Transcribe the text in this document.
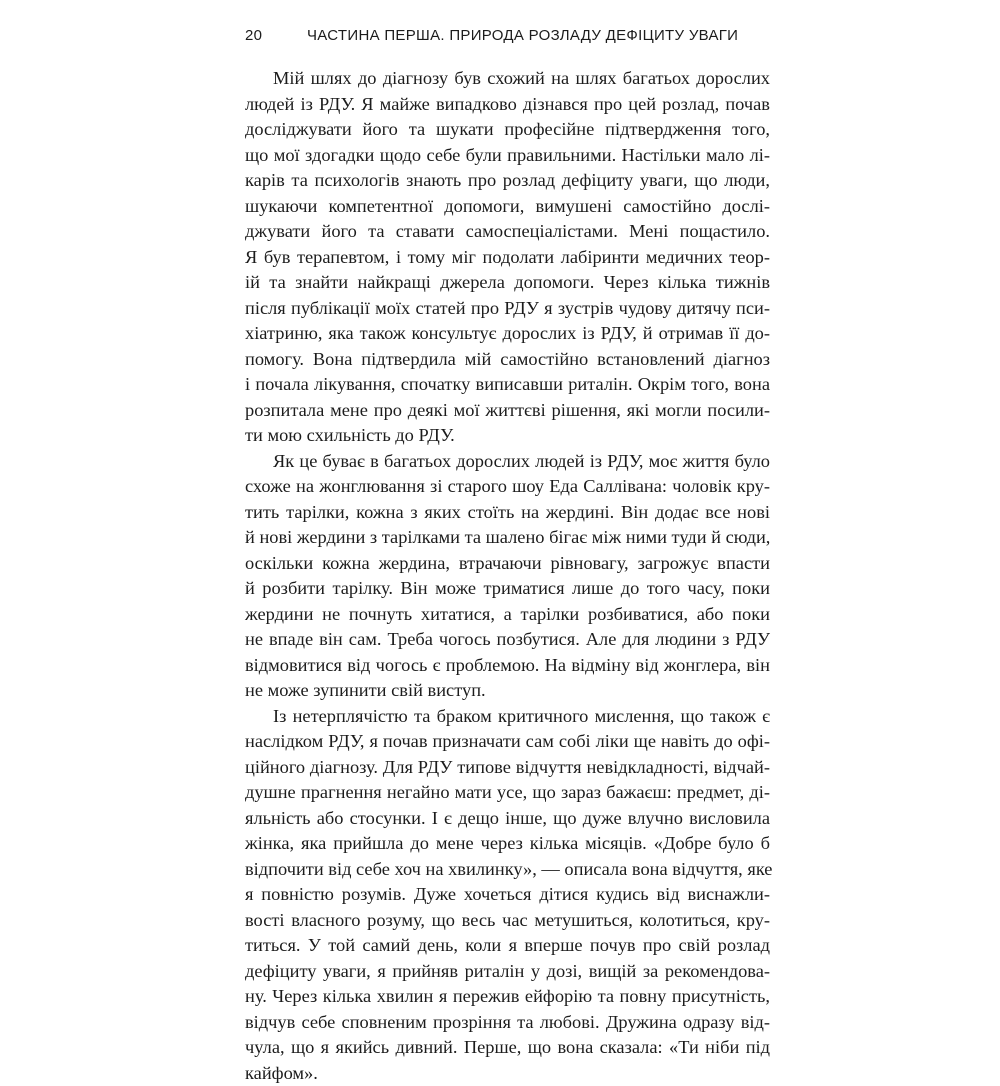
20	ЧАСТИНА ПЕРША. ПРИРОДА РОЗЛАДУ ДЕФІЦИТУ УВАГИ
Мій шлях до діагнозу був схожий на шлях багатьох дорослих
людей із РДУ. Я майже випадково дізнався про цей розлад, почав
досліджувати його та шукати професійне підтвердження того,
що мої здогадки щодо себе були правильними. Настільки мало лі-
карів та психологів знають про розлад дефіциту уваги, що люди,
шукаючи компетентної допомоги, вимушені самостійно дослі-
джувати його та ставати самоспеціалістами. Мені пощастило.
Я був терапевтом, і тому міг подолати лабіринти медичних теор-
ій та знайти найкращі джерела допомоги. Через кілька тижнів
після публікації моїх статей про РДУ я зустрів чудову дитячу пси-
хіатриню, яка також консультує дорослих із РДУ, й отримав її до-
помогу. Вона підтвердила мій самостійно встановлений діагноз
і почала лікування, спочатку виписавши риталін. Окрім того, вона
розпитала мене про деякі мої життєві рішення, які могли посили-
ти мою схильність до РДУ.
Як це буває в багатьох дорослих людей із РДУ, моє життя було
схоже на жонглювання зі старого шоу Еда Салліванa: чоловік кру-
тить тарілки, кожна з яких стоїть на жердині. Він додає все нові
й нові жердини з тарілками та шалено бігає між ними туди й сюди,
оскільки кожна жердина, втрачаючи рівновагу, загрожує впасти
й розбити тарілку. Він може триматися лише до того часу, поки
жердини не почнуть хитатися, а тарілки розбиватися, або поки
не впаде він сам. Треба чогось позбутися. Але для людини з РДУ
відмовитися від чогось є проблемою. На відміну від жонглера, він
не може зупинити свій виступ.
Із нетерплячістю та браком критичного мислення, що також є
наслідком РДУ, я почав призначати сам собі ліки ще навіть до офі-
ційного діагнозу. Для РДУ типове відчуття невідкладності, відчай-
душне прагнення негайно мати усе, що зараз бажаєш: предмет, ді-
яльність або стосунки. І є дещо інше, що дуже влучно висловила
жінка, яка прийшла до мене через кілька місяців. «Добре було б
відпочити від себе хоч на хвилинку», — описала вона відчуття, яке
я повністю розумів. Дуже хочеться дітися кудись від виснажли-
вості власного розуму, що весь час метушиться, колотиться, кру-
титься. У той самий день, коли я вперше почув про свій розлад
дефіциту уваги, я прийняв риталін у дозі, вищій за рекомендова-
ну. Через кілька хвилин я пережив ейфорію та повну присутність,
відчув себе сповненим прозріння та любові. Дружина одразу від-
чула, що я якийсь дивний. Перше, що вона сказала: «Ти ніби під
кайфом».
